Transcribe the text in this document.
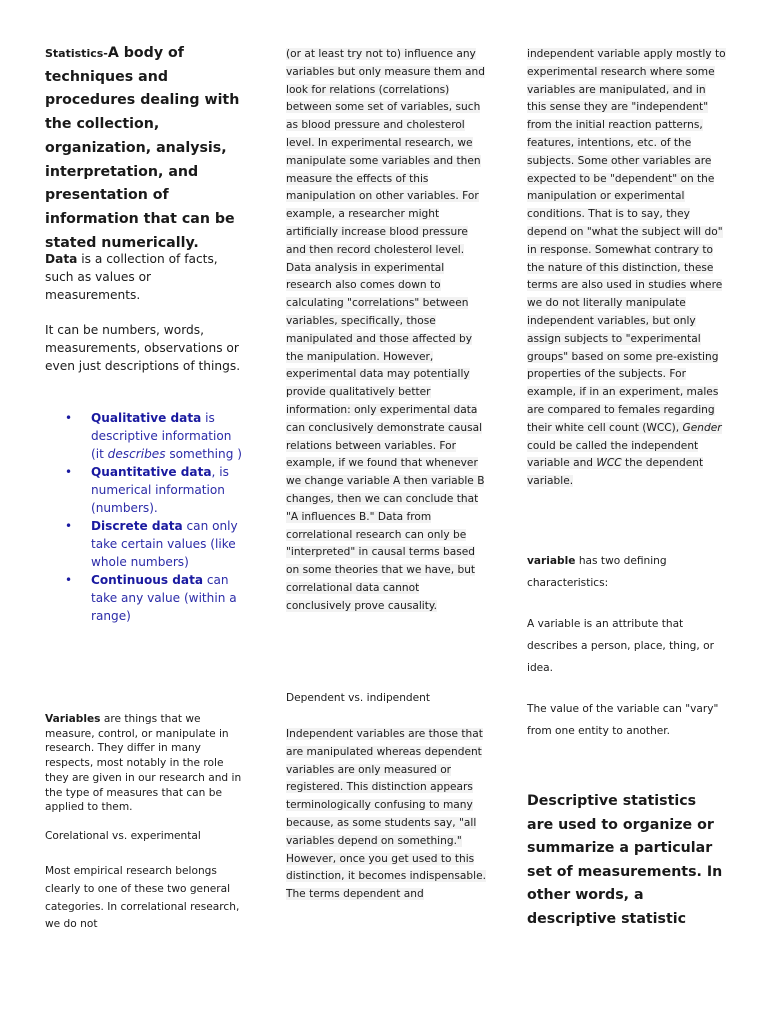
Statistics-A body of techniques and procedures dealing with the collection, organization, analysis, interpretation, and presentation of information that can be stated numerically.

Data is a collection of facts, such as values or measurements.

It can be numbers, words, measurements, observations or even just descriptions of things.

• Qualitative data is descriptive information (it describes something )
• Quantitative data, is numerical information (numbers).
• Discrete data can only take certain values (like whole numbers)
• Continuous data can take any value (within a range)

Variables are things that we measure, control, or manipulate in research. They differ in many respects, most notably in the role they are given in our research and in the type of measures that can be applied to them.

Corelational vs. experimental

Most empirical research belongs clearly to one of these two general categories. In correlational research, we do not

(or at least try not to) influence any variables but only measure them and look for relations (correlations) between some set of variables, such as blood pressure and cholesterol level. In experimental research, we manipulate some variables and then measure the effects of this manipulation on other variables. For example, a researcher might artificially increase blood pressure and then record cholesterol level. Data analysis in experimental research also comes down to calculating "correlations" between variables, specifically, those manipulated and those affected by the manipulation. However, experimental data may potentially provide qualitatively better information: only experimental data can conclusively demonstrate causal relations between variables. For example, if we found that whenever we change variable A then variable B changes, then we can conclude that "A influences B." Data from correlational research can only be "interpreted" in causal terms based on some theories that we have, but correlational data cannot conclusively prove causality.

Dependent vs. indipendent

Independent variables are those that are manipulated whereas dependent variables are only measured or registered. This distinction appears terminologically confusing to many because, as some students say, "all variables depend on something." However, once you get used to this distinction, it becomes indispensable. The terms dependent and

independent variable apply mostly to experimental research where some variables are manipulated, and in this sense they are "independent" from the initial reaction patterns, features, intentions, etc. of the subjects. Some other variables are expected to be "dependent" on the manipulation or experimental conditions. That is to say, they depend on "what the subject will do" in response. Somewhat contrary to the nature of this distinction, these terms are also used in studies where we do not literally manipulate independent variables, but only assign subjects to "experimental groups" based on some pre-existing properties of the subjects. For example, if in an experiment, males are compared to females regarding their white cell count (WCC), Gender could be called the independent variable and WCC the dependent variable.

variable has two defining characteristics:

A variable is an attribute that describes a person, place, thing, or idea.

The value of the variable can "vary" from one entity to another.

Descriptive statistics are used to organize or summarize a particular set of measurements. In other words, a descriptive statistic
